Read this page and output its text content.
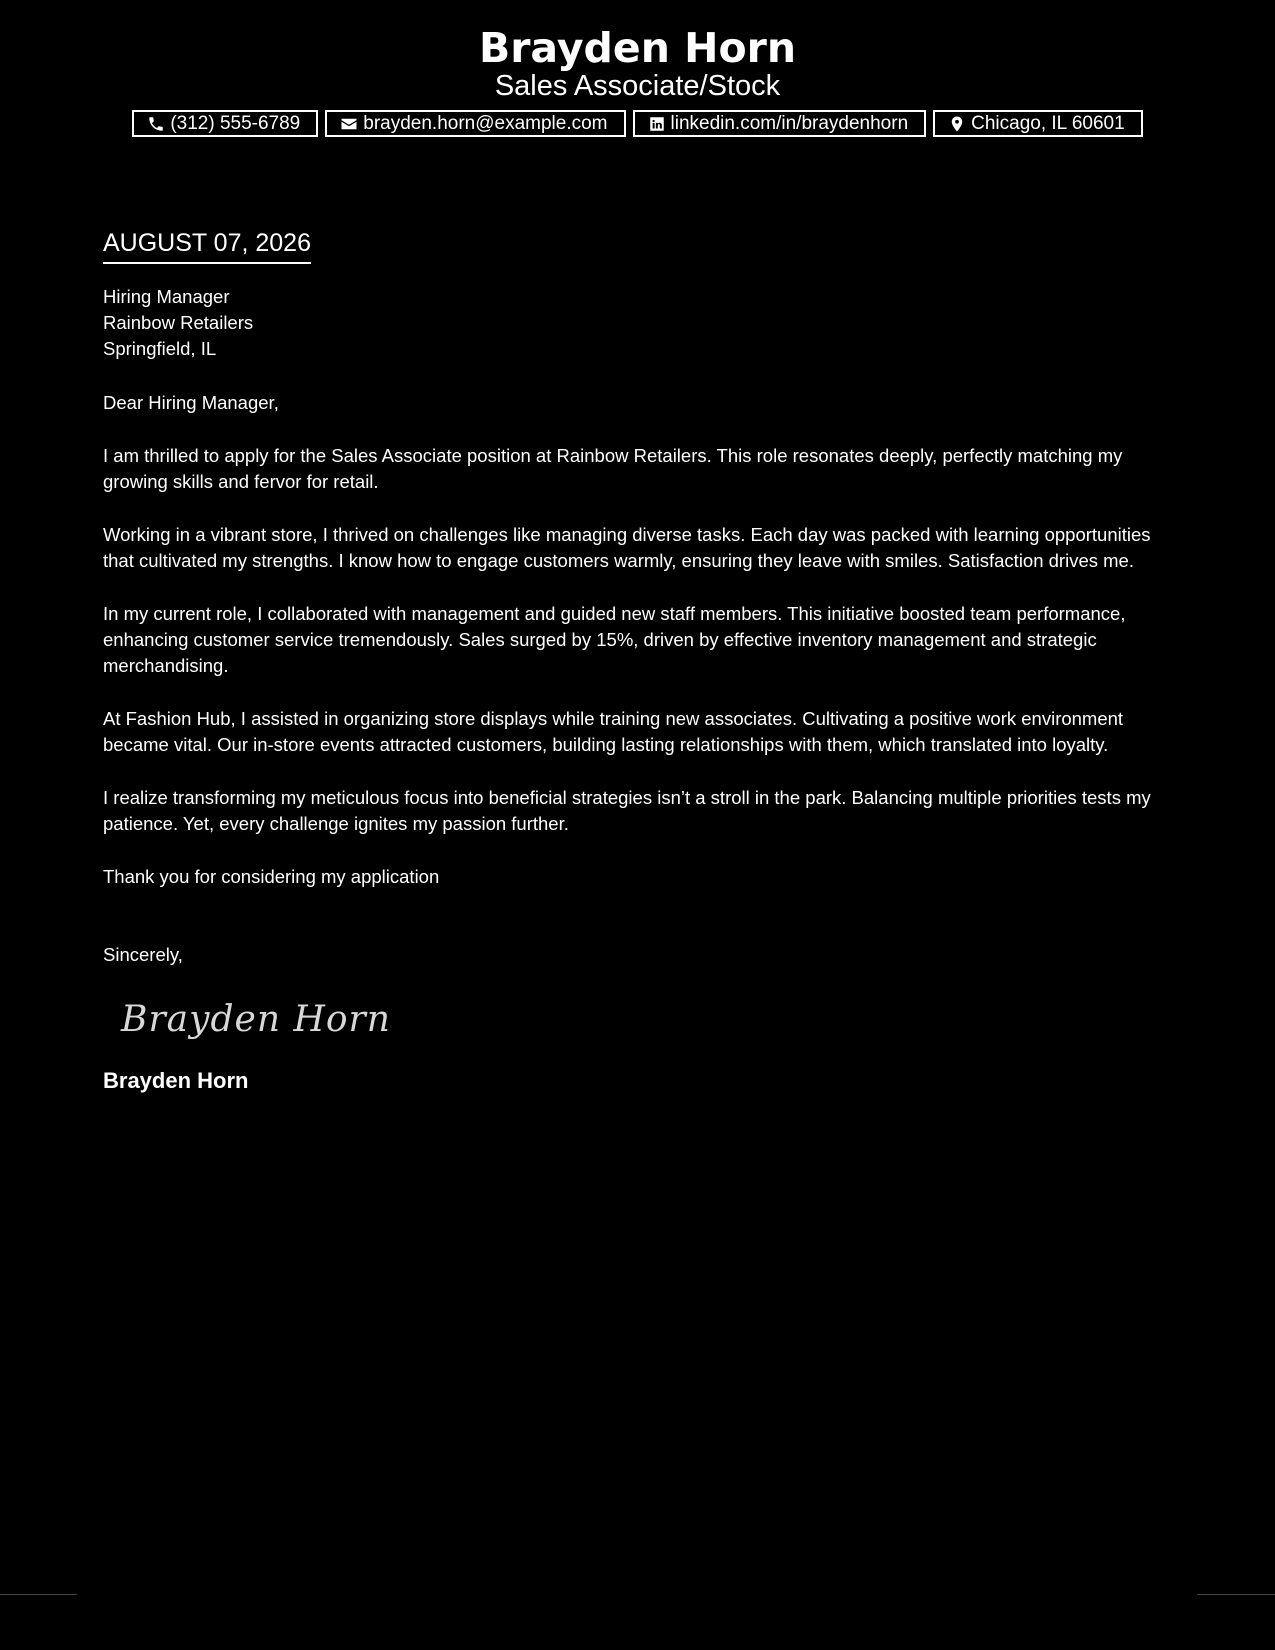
Brayden Horn
Sales Associate/Stock
(312) 555-6789	brayden.horn@example.com	linkedin.com/in/braydenhorn	Chicago, IL 60601
AUGUST 07, 2026
Hiring Manager
Rainbow Retailers
Springfield, IL
Dear Hiring Manager,
I am thrilled to apply for the Sales Associate position at Rainbow Retailers. This role resonates deeply, perfectly matching my growing skills and fervor for retail.
Working in a vibrant store, I thrived on challenges like managing diverse tasks. Each day was packed with learning opportunities that cultivated my strengths. I know how to engage customers warmly, ensuring they leave with smiles. Satisfaction drives me.
In my current role, I collaborated with management and guided new staff members. This initiative boosted team performance, enhancing customer service tremendously. Sales surged by 15%, driven by effective inventory management and strategic merchandising.
At Fashion Hub, I assisted in organizing store displays while training new associates. Cultivating a positive work environment became vital. Our in-store events attracted customers, building lasting relationships with them, which translated into loyalty.
I realize transforming my meticulous focus into beneficial strategies isn’t a stroll in the park. Balancing multiple priorities tests my patience. Yet, every challenge ignites my passion further.
Thank you for considering my application
Sincerely,
Brayden Horn
Brayden Horn
